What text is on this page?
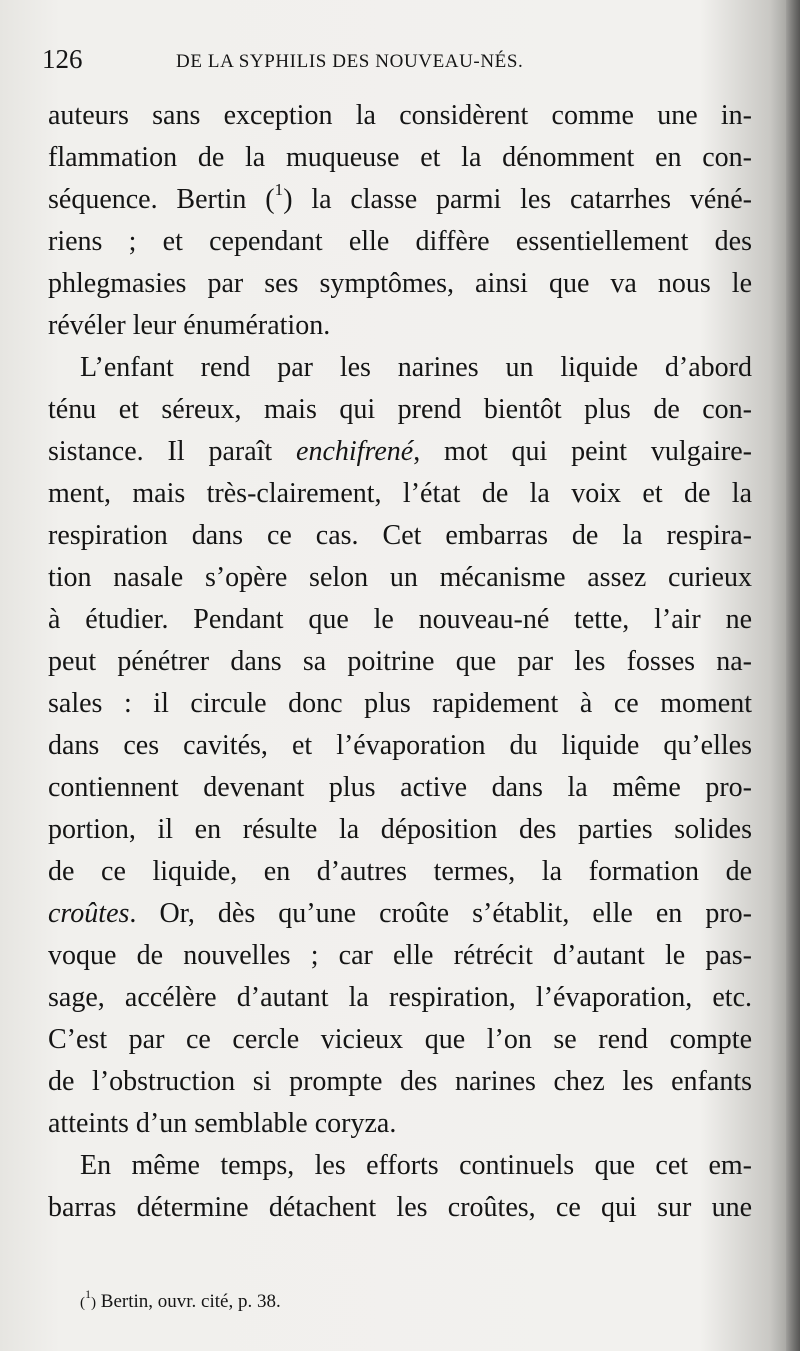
126	DE LA SYPHILIS DES NOUVEAU-NÉS.
auteurs sans exception la considèrent comme une in-
flammation de la muqueuse et la dénomment en con-
séquence. Bertin ($^1$) la classe parmi les catarrhes véné-
riens ; et cependant elle diffère essentiellement des
phlegmasies par ses symptômes, ainsi que va nous le
révéler leur énumération.
L’enfant rend par les narines un liquide d’abord
ténu et séreux, mais qui prend bientôt plus de con-
sistance. Il paraît enchifrené, mot qui peint vulgaire-
ment, mais très-clairement, l’état de la voix et de la
respiration dans ce cas. Cet embarras de la respira-
tion nasale s’opère selon un mécanisme assez curieux
à étudier. Pendant que le nouveau-né tette, l’air ne
peut pénétrer dans sa poitrine que par les fosses na-
sales : il circule donc plus rapidement à ce moment
dans ces cavités, et l’évaporation du liquide qu’elles
contiennent devenant plus active dans la même pro-
portion, il en résulte la déposition des parties solides
de ce liquide, en d’autres termes, la formation de
croûtes. Or, dès qu’une croûte s’établit, elle en pro-
voque de nouvelles ; car elle rétrécit d’autant le pas-
sage, accélère d’autant la respiration, l’évaporation, etc.
C’est par ce cercle vicieux que l’on se rend compte
de l’obstruction si prompte des narines chez les enfants
atteints d’un semblable coryza.
En même temps, les efforts continuels que cet em-
barras détermine détachent les croûtes, ce qui sur une
($^1$) Bertin, ouvr. cité, p. 38.
